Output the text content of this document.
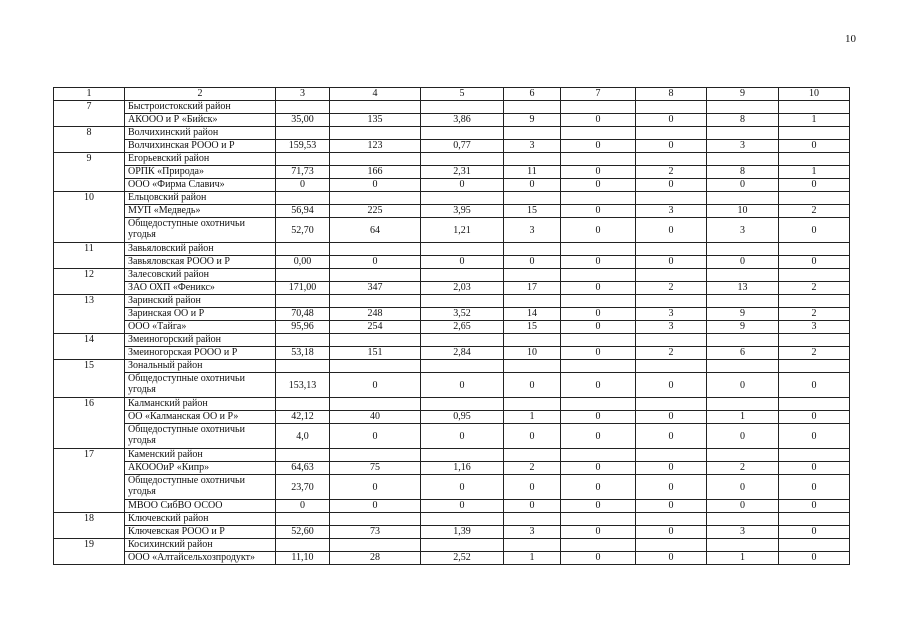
10
1	2	3	4	5	6	7	8	9	10
7	Быстроистокский район								
	АКОOO и Р «Бийск»	35,00	135	3,86	9	0	0	8	1
8	Волчихинский район								
	Волчихинская РООО и Р	159,53	123	0,77	3	0	0	3	0
9	Егорьевский район								
	ОРПК «Природа»	71,73	166	2,31	11	0	2	8	1
	ООО «Фирма Славич»	0	0	0	0	0	0	0	0
10	Ельцовский район								
	МУП «Медведь»	56,94	225	3,95	15	0	3	10	2
	Общедоступные охотничьи угодья	52,70	64	1,21	3	0	0	3	0
11	Завьяловский район								
	Завьяловская РООО и Р	0,00	0	0	0	0	0	0	0
12	Залесовский район								
	ЗАО ОХП «Феникс»	171,00	347	2,03	17	0	2	13	2
13	Заринский район								
	Заринская ОО и Р	70,48	248	3,52	14	0	3	9	2
	ООО «Тайга»	95,96	254	2,65	15	0	3	9	3
14	Змеиногорский район								
	Змеиногорская РООО и Р	53,18	151	2,84	10	0	2	6	2
15	Зональный район								
	Общедоступные охотничьи угодья	153,13	0	0	0	0	0	0	0
16	Калманский район								
	ОО «Калманская ОО и Р»	42,12	40	0,95	1	0	0	1	0
	Общедоступные охотничьи угодья	4,0	0	0	0	0	0	0	0
17	Каменский район								
	АКОООиР «Кипр»	64,63	75	1,16	2	0	0	2	0
	Общедоступные охотничьи угодья	23,70	0	0	0	0	0	0	0
	МВОО СибВО ОСОО	0	0	0	0	0	0	0	0
18	Ключевский район								
	Ключевская РООО и Р	52,60	73	1,39	3	0	0	3	0
19	Косихинский район								
	ООО «Алтайсельхозпродукт»	11,10	28	2,52	1	0	0	1	0
